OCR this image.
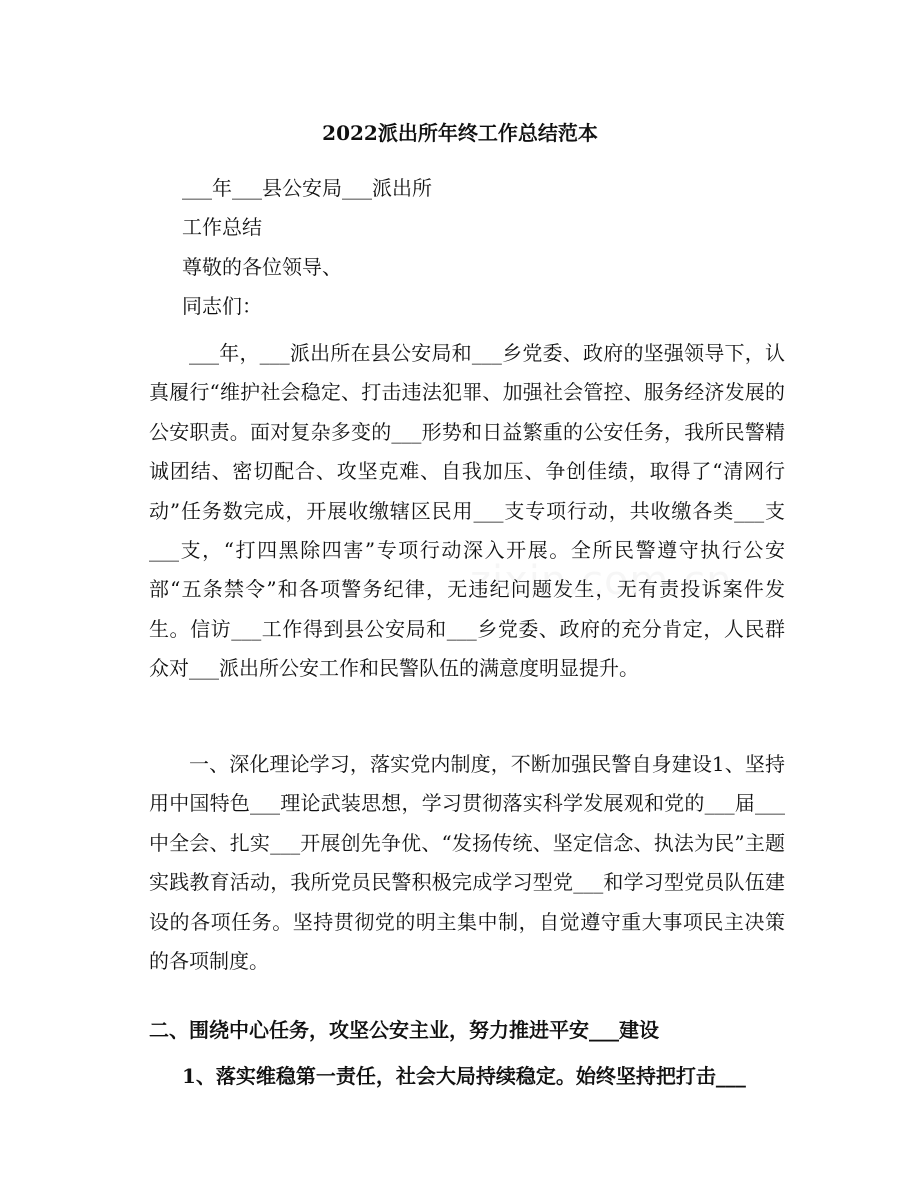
2022派出所年终工作总结范本
___年___县公安局___派出所
工作总结
尊敬的各位领导、
同志们：

___年，___派出所在县公安局和___乡党委、政府的坚强领导下，认真履行“维护社会稳定、打击违法犯罪、加强社会管控、服务经济发展的公安职责。面对复杂多变的___形势和日益繁重的公安任务，我所民警精诚团结、密切配合、攻坚克难、自我加压、争创佳绩，取得了“清网行动”任务数完成，开展收缴辖区民用___支专项行动，共收缴各类___支___支，“打四黑除四害”专项行动深入开展。全所民警遵守执行公安部“五条禁令”和各项警务纪律，无违纪问题发生，无有责投诉案件发生。信访___工作得到县公安局和___乡党委、政府的充分肯定，人民群众对___派出所公安工作和民警队伍的满意度明显提升。

一、深化理论学习，落实党内制度，不断加强民警自身建设1、坚持用中国特色___理论武装思想，学习贯彻落实科学发展观和党的___届___中全会、扎实___开展创先争优、“发扬传统、坚定信念、执法为民”主题实践教育活动，我所党员民警积极完成学习型党___和学习型党员队伍建设的各项任务。坚持贯彻党的明主集中制，自觉遵守重大事项民主决策的各项制度。

二、围绕中心任务，攻坚公安主业，努力推进平安___建设
1、落实维稳第一责任，社会大局持续稳定。始终坚持把打击___
